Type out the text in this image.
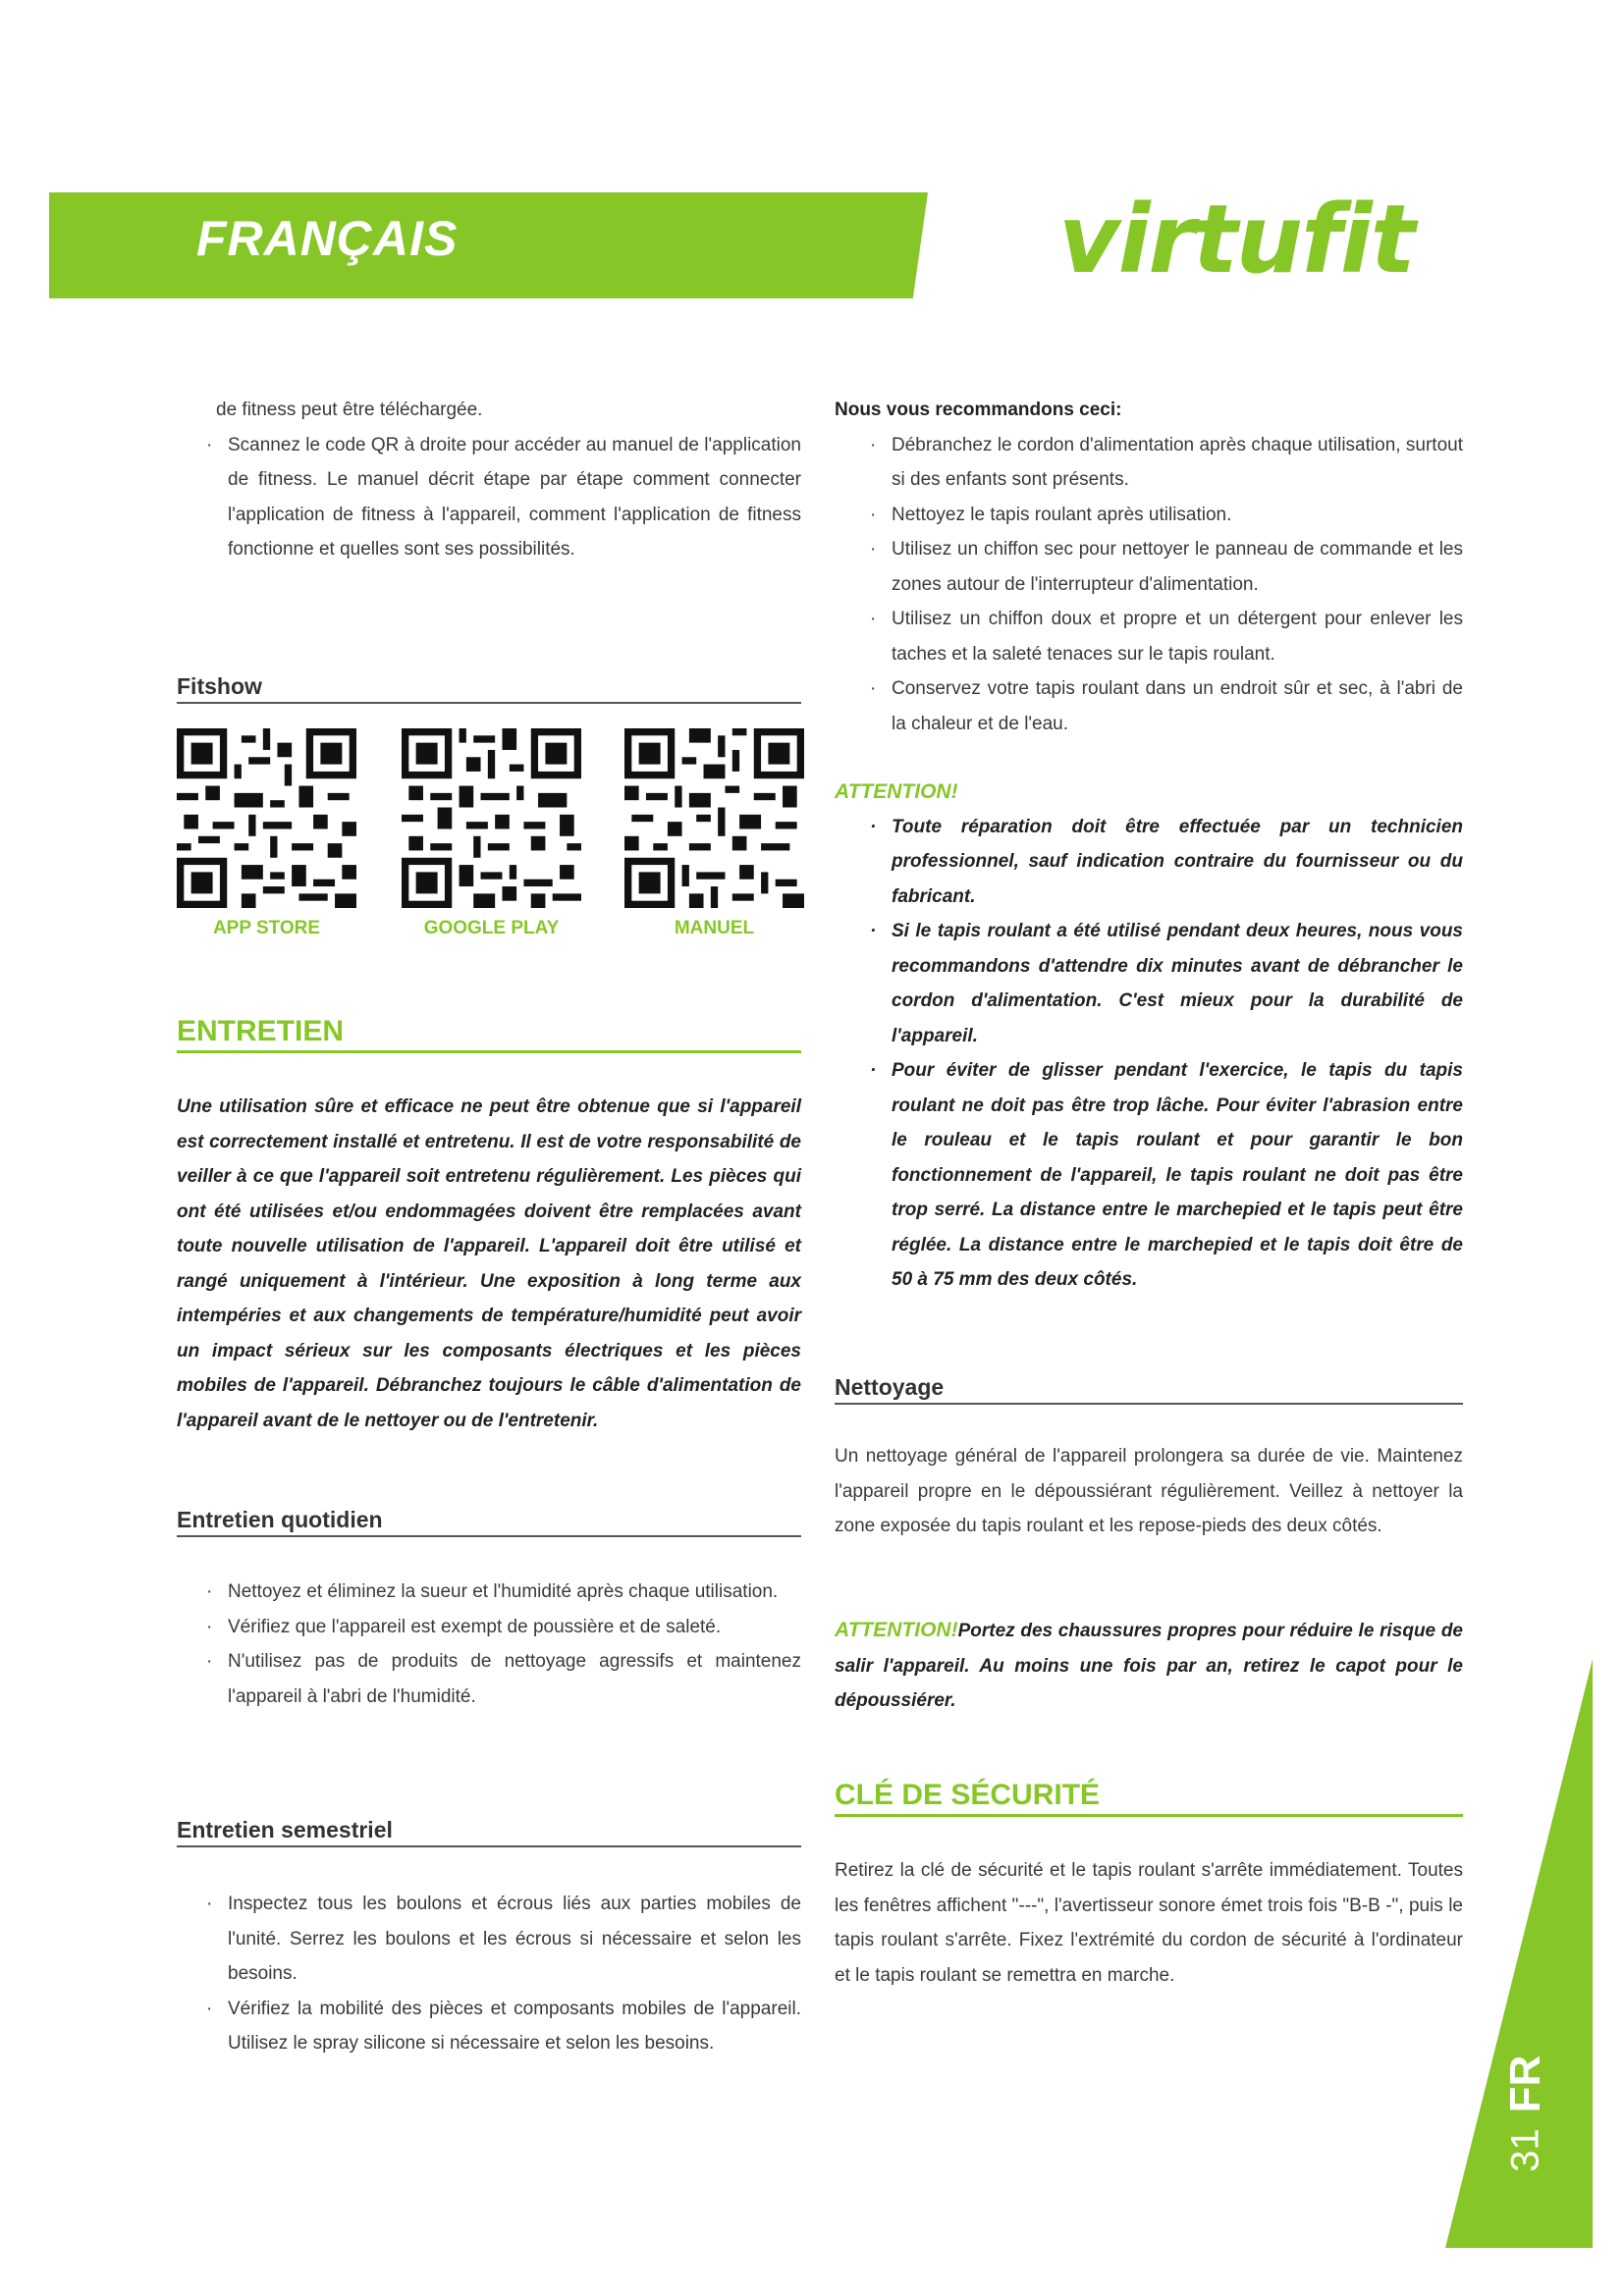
FRANÇAIS	virtufit

de fitness peut être téléchargée.

· Scannez le code QR à droite pour accéder au manuel de l'application de fitness. Le manuel décrit étape par étape comment connecter l'application de fitness à l'appareil, comment l'application de fitness fonctionne et quelles sont ses possibilités.
Fitshow
APP STORE	GOOGLE PLAY	MANUEL
ENTRETIEN

Une utilisation sûre et efficace ne peut être obtenue que si l'appareil est correctement installé et entretenu. Il est de votre responsabilité de veiller à ce que l'appareil soit entretenu régulièrement. Les pièces qui ont été utilisées et/ou endommagées doivent être remplacées avant toute nouvelle utilisation de l'appareil. L'appareil doit être utilisé et rangé uniquement à l'intérieur. Une exposition à long terme aux intempéries et aux changements de température/humidité peut avoir un impact sérieux sur les composants électriques et les pièces mobiles de l'appareil. Débranchez toujours le câble d'alimentation de l'appareil avant de le nettoyer ou de l'entretenir.

Entretien quotidien
· Nettoyez et éliminez la sueur et l'humidité après chaque utilisation.
· Vérifiez que l'appareil est exempt de poussière et de saleté.
· N'utilisez pas de produits de nettoyage agressifs et maintenez l'appareil à l'abri de l'humidité.
Entretien semestriel
· Inspectez tous les boulons et écrous liés aux parties mobiles de l'unité. Serrez les boulons et les écrous si nécessaire et selon les besoins.
· Vérifiez la mobilité des pièces et composants mobiles de l'appareil. Utilisez le spray silicone si nécessaire et selon les besoins.

Nous vous recommandons ceci:

· Débranchez le cordon d'alimentation après chaque utilisation, surtout si des enfants sont présents.
· Nettoyez le tapis roulant après utilisation.
· Utilisez un chiffon sec pour nettoyer le panneau de commande et les zones autour de l'interrupteur d'alimentation.
· Utilisez un chiffon doux et propre et un détergent pour enlever les taches et la saleté tenaces sur le tapis roulant.
· Conservez votre tapis roulant dans un endroit sûr et sec, à l'abri de la chaleur et de l'eau.

ATTENTION!

· Toute réparation doit être effectuée par un technicien professionnel, sauf indication contraire du fournisseur ou du fabricant.
· Si le tapis roulant a été utilisé pendant deux heures, nous vous recommandons d'attendre dix minutes avant de débrancher le cordon d'alimentation. C'est mieux pour la durabilité de l'appareil.
· Pour éviter de glisser pendant l'exercice, le tapis du tapis roulant ne doit pas être trop lâche. Pour éviter l'abrasion entre le rouleau et le tapis roulant et pour garantir le bon fonctionnement de l'appareil, le tapis roulant ne doit pas être trop serré. La distance entre le marchepied et le tapis peut être réglée. La distance entre le marchepied et le tapis doit être de 50 à 75 mm des deux côtés.
Nettoyage

Un nettoyage général de l'appareil prolongera sa durée de vie. Maintenez l'appareil propre en le dépoussiérant régulièrement. Veillez à nettoyer la zone exposée du tapis roulant et les repose-pieds des deux côtés.

ATTENTION!Portez des chaussures propres pour réduire le risque de salir l'appareil. Au moins une fois par an, retirez le capot pour le dépoussiérer.

CLÉ DE SÉCURITÉ

Retirez la clé de sécurité et le tapis roulant s'arrête immédiatement. Toutes les fenêtres affichent "---", l'avertisseur sonore émet trois fois "B-B -", puis le tapis roulant s'arrête. Fixez l'extrémité du cordon de sécurité à l'ordinateur et le tapis roulant se remettra en marche.

FR
31
